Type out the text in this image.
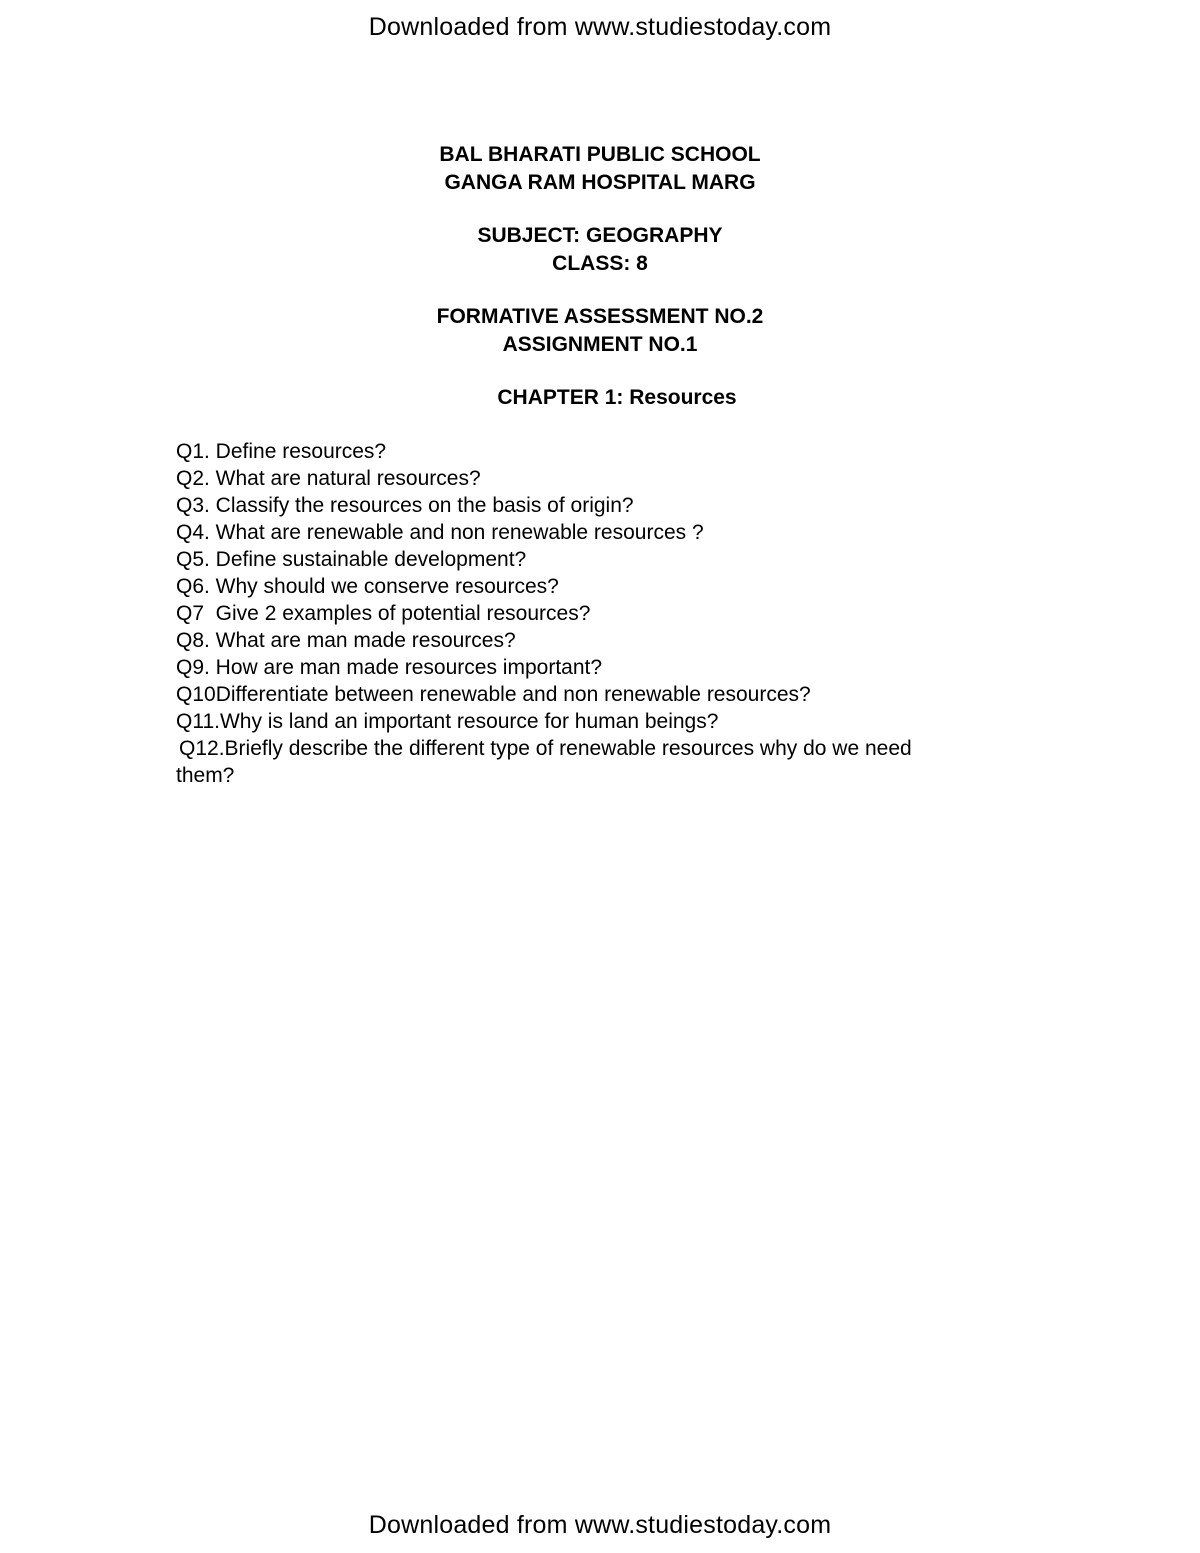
Downloaded from www.studiestoday.com
BAL BHARATI PUBLIC SCHOOL
GANGA RAM HOSPITAL MARG
SUBJECT: GEOGRAPHY
CLASS: 8
FORMATIVE ASSESSMENT NO.2
ASSIGNMENT NO.1
CHAPTER 1: Resources
Q1. Define resources?
Q2. What are natural resources?
Q3. Classify the resources on the basis of origin?
Q4. What are renewable and non renewable resources ?
Q5. Define sustainable development?
Q6. Why should we conserve resources?
Q7  Give 2 examples of potential resources?
Q8. What are man made resources?
Q9. How are man made resources important?
Q10Differentiate between renewable and non renewable resources?
Q11.Why is land an important resource for human beings?
Q12.Briefly describe the different type of renewable resources why do we need
them?
Downloaded from www.studiestoday.com
